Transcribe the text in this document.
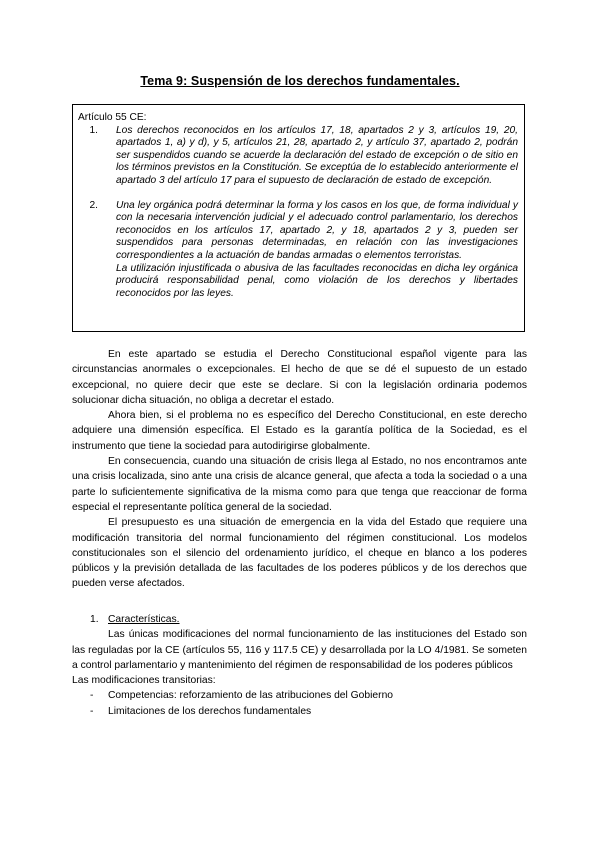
Tema 9: Suspensión de los derechos fundamentales.
Artículo 55 CE:
1.	Los derechos reconocidos en los artículos 17, 18, apartados 2 y 3, artículos 19, 20, apartados 1, a) y d), y 5, artículos 21, 28, apartado 2, y artículo 37, apartado 2, podrán ser suspendidos cuando se acuerde la declaración del estado de excepción o de sitio en los términos previstos en la Constitución. Se exceptúa de lo establecido anteriormente el apartado 3 del artículo 17 para el supuesto de declaración de estado de excepción.
2.	Una ley orgánica podrá determinar la forma y los casos en los que, de forma individual y con la necesaria intervención judicial y el adecuado control parlamentario, los derechos reconocidos en los artículos 17, apartado 2, y 18, apartados 2 y 3, pueden ser suspendidos para personas determinadas, en relación con las investigaciones correspondientes a la actuación de bandas armadas o elementos terroristas.
La utilización injustificada o abusiva de las facultades reconocidas en dicha ley orgánica producirá responsabilidad penal, como violación de los derechos y libertades reconocidos por las leyes.

En este apartado se estudia el Derecho Constitucional español vigente para las circunstancias anormales o excepcionales. El hecho de que se dé el supuesto de un estado excepcional, no quiere decir que este se declare. Si con la legislación ordinaria podemos solucionar dicha situación, no obliga a decretar el estado.

Ahora bien, si el problema no es específico del Derecho Constitucional, en este derecho adquiere una dimensión específica. El Estado es la garantía política de la Sociedad, es el instrumento que tiene la sociedad para autodirigirse globalmente.

En consecuencia, cuando una situación de crisis llega al Estado, no nos encontramos ante una crisis localizada, sino ante una crisis de alcance general, que afecta a toda la sociedad o a una parte lo suficientemente significativa de la misma como para que tenga que reaccionar de forma especial el representante política general de la sociedad.

El presupuesto es una situación de emergencia en la vida del Estado que requiere una modificación transitoria del normal funcionamiento del régimen constitucional. Los modelos constitucionales son el silencio del ordenamiento jurídico, el cheque en blanco a los poderes públicos y la previsión detallada de las facultades de los poderes públicos y de los derechos que pueden verse afectados.

1. Características.

Las únicas modificaciones del normal funcionamiento de las instituciones del Estado son las reguladas por la CE (artículos 55, 116 y 117.5 CE) y desarrollada por la LO 4/1981. Se someten a control parlamentario y mantenimiento del régimen de responsabilidad de los poderes públicos

Las modificaciones transitorias:

-	Competencias: reforzamiento de las atribuciones del Gobierno
-	Limitaciones de los derechos fundamentales
